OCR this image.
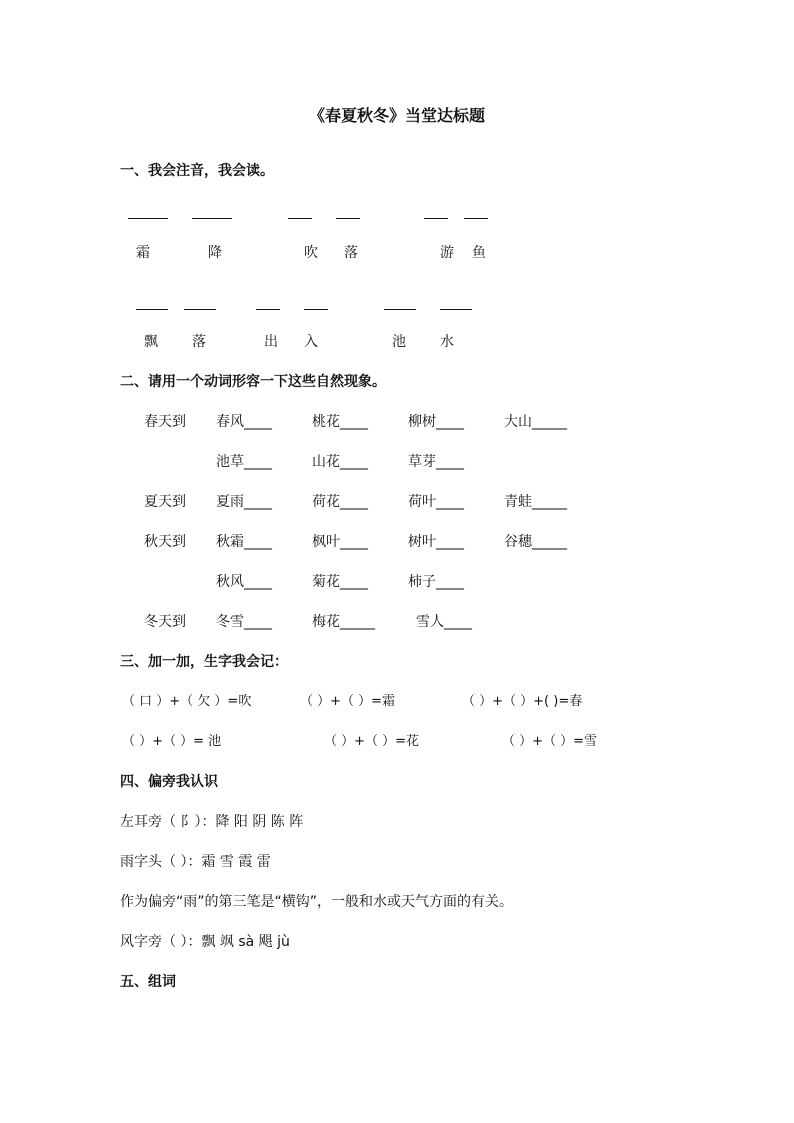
《春夏秋冬》当堂达标题
一、我会注音，我会读。
霜	降	吹 落	游 鱼
飘 落	出 入	池 水
二、请用一个动词形容一下这些自然现象。
春天到 春风____	桃花____	柳树____	大山_____
池草____	山花____	草芽____
夏天到 夏雨____	荷花____	荷叶____	青蛙_____
秋天到 秋霜____	枫叶____	树叶____	谷穗_____
秋风____	菊花____	柿子____
冬天到 冬雪____	梅花_____	雪人____
三、加一加，生字我会记：
（ 口 ）+（ 欠 ）=吹	（ ）+（ ）=霜	（ ）+（ ）+( )=春
（ ）+（ ）= 池	（ ）+（ ）=花	（ ）+（ ）=雪
四、偏旁我认识
左耳旁（ 阝）：降 阳 阴 陈 阵
雨字头（ ）：霜 雪 霞 雷
作为偏旁“雨”的第三笔是“横钩”，一般和水或天气方面的有关。
风字旁（ ）：飘 飒 sà 飓 jù
五、组词
